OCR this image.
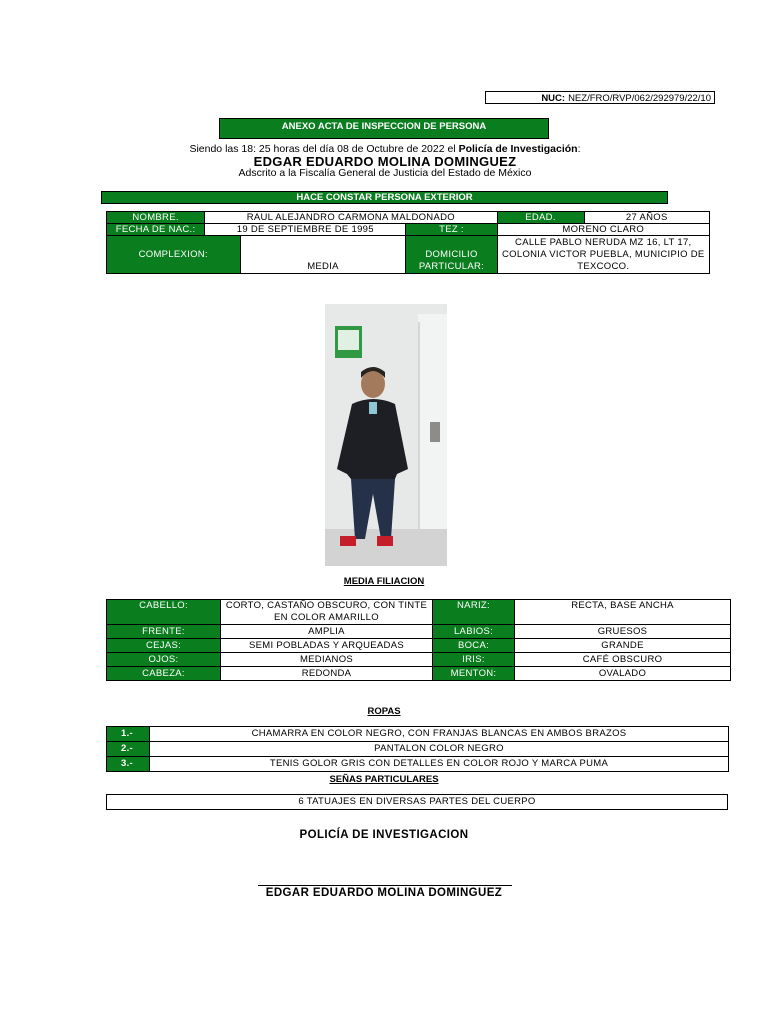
NUC: NEZ/FRO/RVP/062/292979/22/10
ANEXO ACTA DE INSPECCION DE PERSONA
Siendo las 18: 25 horas del día 08 de Octubre de 2022 el Policía de Investigación:
EDGAR EDUARDO MOLINA DOMINGUEZ
Adscrito a la Fiscalía General de Justicia del Estado de México
HACE CONSTAR PERSONA EXTERIOR
NOMBRE.	RAUL ALEJANDRO CARMONA MALDONADO			EDAD.	27 AÑOS
FECHA DE NAC.:	19 DE SEPTIEMBRE DE 1995		TEZ :	MORENO CLARO	
COMPLEXION:		MEDIA	DOMICILIO PARTICULAR:	CALLE PABLO NERUDA MZ 16, LT 17, COLONIA VICTOR PUEBLA, MUNICIPIO DE TEXCOCO.	
MEDIA FILIACION
CABELLO:	CORTO, CASTAÑO OBSCURO, CON TINTE EN COLOR AMARILLO	NARIZ:	RECTA, BASE ANCHA
FRENTE:	AMPLIA	LABIOS:	GRUESOS
CEJAS:	SEMI POBLADAS Y ARQUEADAS	BOCA:	GRANDE
OJOS:	MEDIANOS	IRIS:	CAFÉ OBSCURO
CABEZA:	REDONDA	MENTON:	OVALADO
ROPAS
1.-	CHAMARRA EN COLOR NEGRO, CON FRANJAS BLANCAS EN AMBOS BRAZOS
2.-	PANTALON COLOR NEGRO
3.-	TENIS GOLOR GRIS CON DETALLES EN COLOR ROJO Y MARCA PUMA
SEÑAS PARTICULARES
6 TATUAJES EN DIVERSAS PARTES DEL CUERPO
POLICÍA DE INVESTIGACION
EDGAR EDUARDO MOLINA DOMINGUEZ
